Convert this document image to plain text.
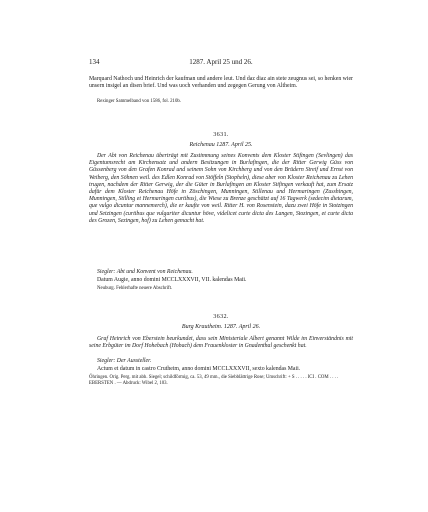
134	1287. April 25 und 26.

Marquard Nathoch und Heinrich der kaufman und andere leut. Und daz diaz ain stete zeugnus sei, so henken wier unsern insigel an disen brief. Und was uoch verhanden und zegegen Gerung von Altheim.

Rexinger Sammelband von 1586, fol. 210b.

3631.

Reichenau 1287. April 25.

Der Abt von Reichenau überträgt mit Zustimmung seines Konvents dem Kloster Stifingen (Sevlingen) das Eigentumsrecht am Kirchensatz und andern Besitzungen in Burlafingen, die der Ritter Gerwig Güss von Güssenberg von den Grafen Konrad und seinem Sohn von Kirchberg und von den Brüdern Streif und Ernst von Weiberg, den Söhnen weil. des Edlen Konrad von Stöffeln (Stopheln), diese aber von Kloster Reichenau zu Lehen trugen, nachdem der Ritter Gerwig, der die Güter in Burlafingen an Kloster Stifingen verkauft hat, zum Ersatz dafür dem Kloster Reichenau Höfe in Zöschingen, Munningen, Stillenau und Hermaringen (Zusshingen, Munningen, Stilling et Hermaringen curtibus), die Wiese zu Brenze geschätzt auf 16 Tagwerk (sedecim dietarum, que vulgo dicuntur mannemerch), die er kaufte von weil. Ritter H. von Rosenstein, dazu zwei Höfe in Stotzingen und Setzingen (curtibus que vulgariter dicuntur höve, videlicet curte dicta des Langen, Stozingen, et curte dicta des Grozen, Sezingen, hof) zu Lehen gemacht hat.

Siegler: Abt und Konvent von Reichenau.

Datum Augie, anno domini MCCLXXXVII, VII. kalendas Maii.

Neuburg. Fehlerhafte neuere Abschrift.

3632.

Burg Krautheim. 1287. April 26.

Graf Heinrich von Eberstein beurkundet, dass sein Ministeriale Albert genannt Wilde im Einverständnis mit seine Erbgüter im Dorf Hohebach (Hobach) dem Frauenkloster in Gnadenthal geschenkt hat.

Siegler: Der Aussteller.

Actum et datum in castro Crutheim, anno domini MCCLXXXVII, sexto kalendas Maii.

Öhringen. Orig. Perg. mit abh. Siegel; schildförmig, ca. 53, 49 mm., die Siebblättrige Rose; Umschrift: + S . . . . . ICI . COM . . . . EBERSTEN . — Abdruck: Wibel 2, 103.
